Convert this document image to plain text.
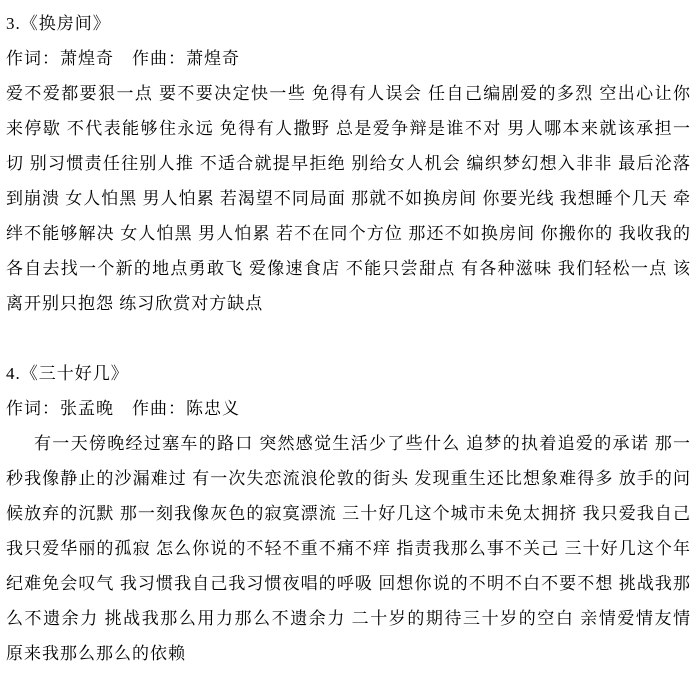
3.《换房间》

作词：萧煌奇　作曲：萧煌奇

爱不爱都要狠一点 要不要决定快一些 免得有人误会 任自己编剧爱的多烈 空出心让你来停歇 不代表能够住永远 免得有人撒野 总是爱争辩是谁不对 男人哪本来就该承担一切 别习惯责任往别人推 不适合就提早拒绝 别给女人机会 编织梦幻想入非非 最后沦落到崩溃 女人怕黑 男人怕累 若渴望不同局面 那就不如换房间 你要光线 我想睡个几天 牵绊不能够解决 女人怕黑 男人怕累 若不在同个方位 那还不如换房间 你搬你的 我收我的 各自去找一个新的地点勇敢飞 爱像速食店 不能只尝甜点 有各种滋味 我们轻松一点 该离开别只抱怨 练习欣赏对方缺点

4.《三十好几》

作词：张孟晚　作曲：陈忠义

有一天傍晚经过塞车的路口 突然感觉生活少了些什么 追梦的执着追爱的承诺 那一秒我像静止的沙漏难过 有一次失恋流浪伦敦的街头 发现重生还比想象难得多 放手的问候放弃的沉默 那一刻我像灰色的寂寞漂流 三十好几这个城市未免太拥挤 我只爱我自己我只爱华丽的孤寂 怎么你说的不轻不重不痛不痒 指责我那么事不关己 三十好几这个年纪难免会叹气 我习惯我自己我习惯夜唱的呼吸 回想你说的不明不白不要不想 挑战我那么不遗余力 挑战我那么用力那么不遗余力 二十岁的期待三十岁的空白 亲情爱情友情 原来我那么那么的依赖
